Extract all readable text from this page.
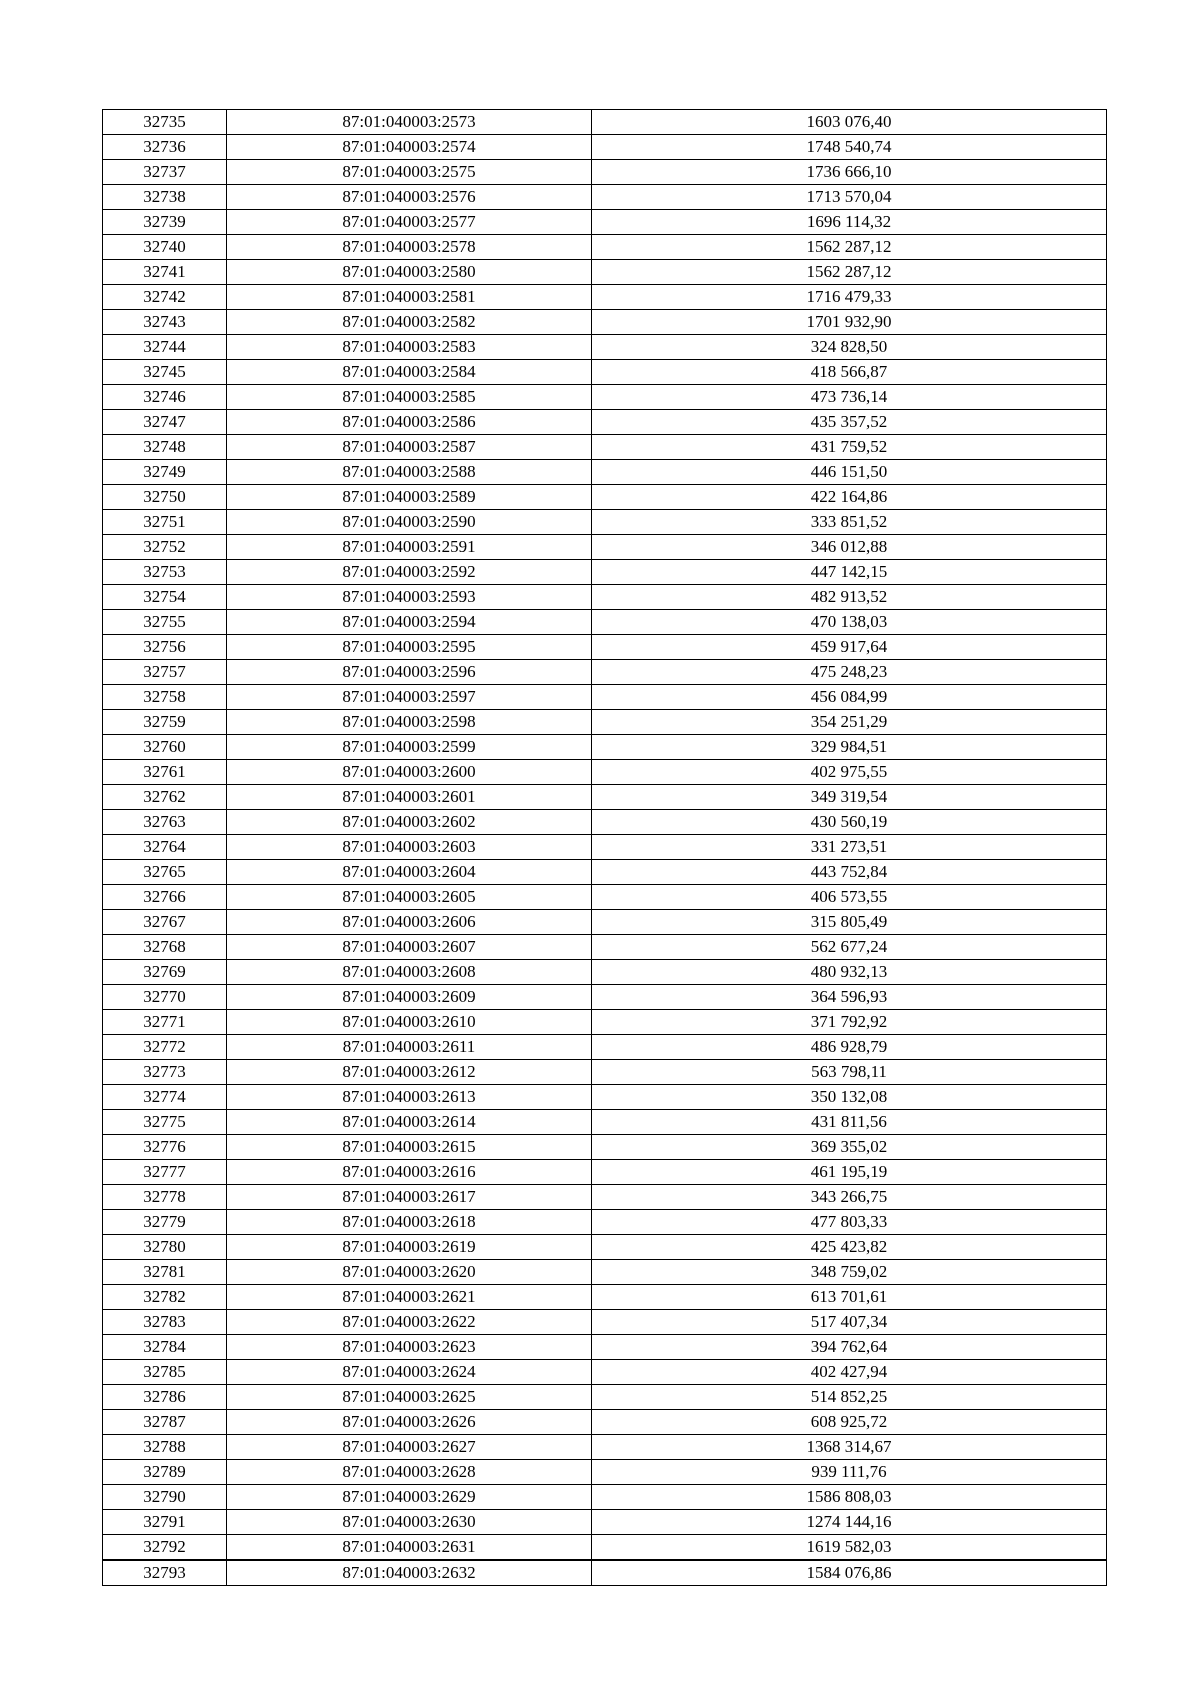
32735	87:01:040003:2573	1603 076,40
32736	87:01:040003:2574	1748 540,74
32737	87:01:040003:2575	1736 666,10
32738	87:01:040003:2576	1713 570,04
32739	87:01:040003:2577	1696 114,32
32740	87:01:040003:2578	1562 287,12
32741	87:01:040003:2580	1562 287,12
32742	87:01:040003:2581	1716 479,33
32743	87:01:040003:2582	1701 932,90
32744	87:01:040003:2583	324 828,50
32745	87:01:040003:2584	418 566,87
32746	87:01:040003:2585	473 736,14
32747	87:01:040003:2586	435 357,52
32748	87:01:040003:2587	431 759,52
32749	87:01:040003:2588	446 151,50
32750	87:01:040003:2589	422 164,86
32751	87:01:040003:2590	333 851,52
32752	87:01:040003:2591	346 012,88
32753	87:01:040003:2592	447 142,15
32754	87:01:040003:2593	482 913,52
32755	87:01:040003:2594	470 138,03
32756	87:01:040003:2595	459 917,64
32757	87:01:040003:2596	475 248,23
32758	87:01:040003:2597	456 084,99
32759	87:01:040003:2598	354 251,29
32760	87:01:040003:2599	329 984,51
32761	87:01:040003:2600	402 975,55
32762	87:01:040003:2601	349 319,54
32763	87:01:040003:2602	430 560,19
32764	87:01:040003:2603	331 273,51
32765	87:01:040003:2604	443 752,84
32766	87:01:040003:2605	406 573,55
32767	87:01:040003:2606	315 805,49
32768	87:01:040003:2607	562 677,24
32769	87:01:040003:2608	480 932,13
32770	87:01:040003:2609	364 596,93
32771	87:01:040003:2610	371 792,92
32772	87:01:040003:2611	486 928,79
32773	87:01:040003:2612	563 798,11
32774	87:01:040003:2613	350 132,08
32775	87:01:040003:2614	431 811,56
32776	87:01:040003:2615	369 355,02
32777	87:01:040003:2616	461 195,19
32778	87:01:040003:2617	343 266,75
32779	87:01:040003:2618	477 803,33
32780	87:01:040003:2619	425 423,82
32781	87:01:040003:2620	348 759,02
32782	87:01:040003:2621	613 701,61
32783	87:01:040003:2622	517 407,34
32784	87:01:040003:2623	394 762,64
32785	87:01:040003:2624	402 427,94
32786	87:01:040003:2625	514 852,25
32787	87:01:040003:2626	608 925,72
32788	87:01:040003:2627	1368 314,67
32789	87:01:040003:2628	939 111,76
32790	87:01:040003:2629	1586 808,03
32791	87:01:040003:2630	1274 144,16
32792	87:01:040003:2631	1619 582,03
32793	87:01:040003:2632	1584 076,86
